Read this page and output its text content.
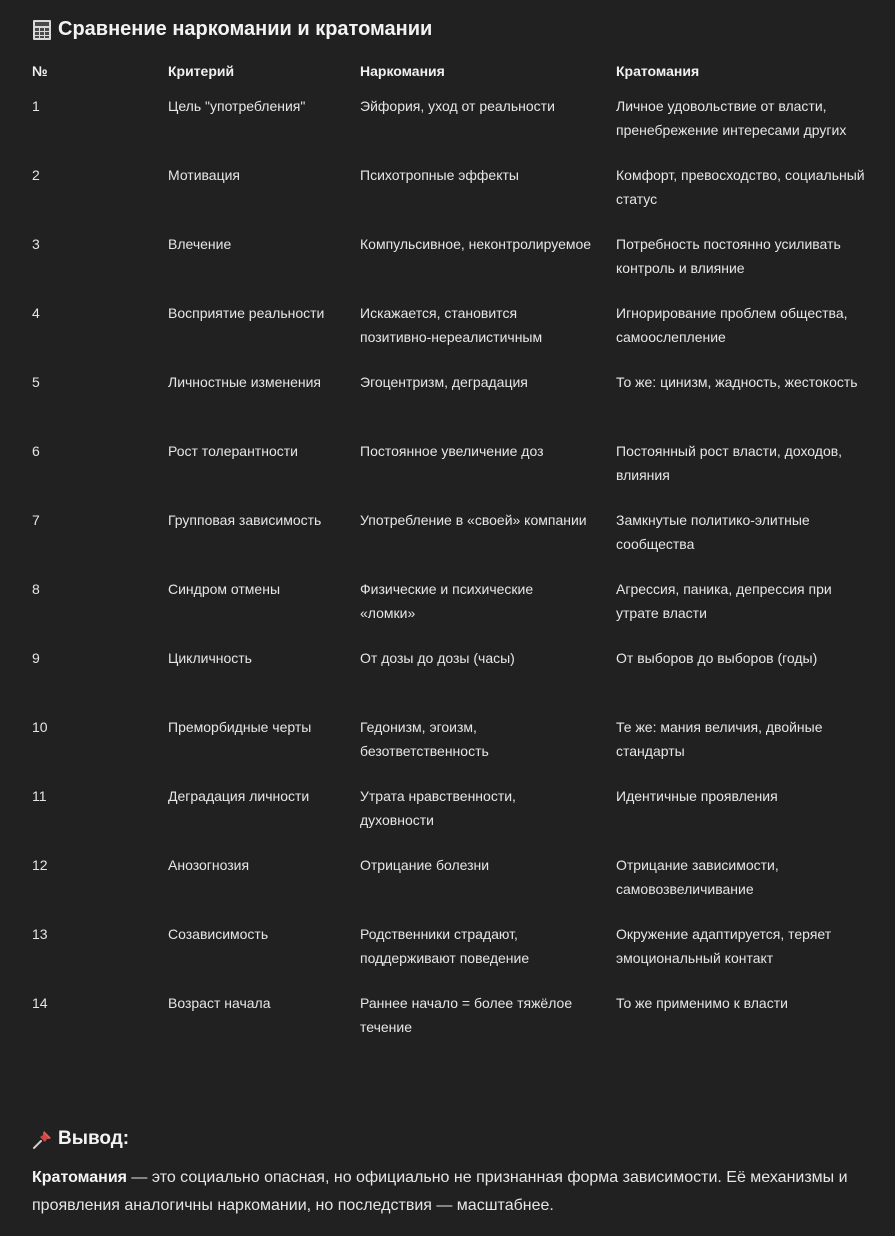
Сравнение наркомании и кратомании
№	Критерий	Наркомания	Кратомания
1	Цель "употребления"	Эйфория, уход от реальности	Личное удовольствие от власти, пренебрежение интересами других
2	Мотивация	Психотропные эффекты	Комфорт, превосходство, социальный статус
3	Влечение	Компульсивное, неконтролируемое	Потребность постоянно усиливать контроль и влияние
4	Восприятие реальности	Искажается, становится позитивно-нереалистичным	Игнорирование проблем общества, самоослепление
5	Личностные изменения	Эгоцентризм, деградация	То же: цинизм, жадность, жестокость
6	Рост толерантности	Постоянное увеличение доз	Постоянный рост власти, доходов, влияния
7	Групповая зависимость	Употребление в «своей» компании	Замкнутые политико-элитные сообщества
8	Синдром отмены	Физические и психические «ломки»	Агрессия, паника, депрессия при утрате власти
9	Цикличность	От дозы до дозы (часы)	От выборов до выборов (годы)
10	Преморбидные черты	Гедонизм, эгоизм, безответственность	Те же: мания величия, двойные стандарты
11	Деградация личности	Утрата нравственности, духовности	Идентичные проявления
12	Анозогнозия	Отрицание болезни	Отрицание зависимости, самовозвеличивание
13	Созависимость	Родственники страдают, поддерживают поведение	Окружение адаптируется, теряет эмоциональный контакт
14	Возраст начала	Раннее начало = более тяжёлое течение	То же применимо к власти
Вывод:
Кратомания — это социально опасная, но официально не признанная форма зависимости. Её механизмы и проявления аналогичны наркомании, но последствия — масштабнее.
